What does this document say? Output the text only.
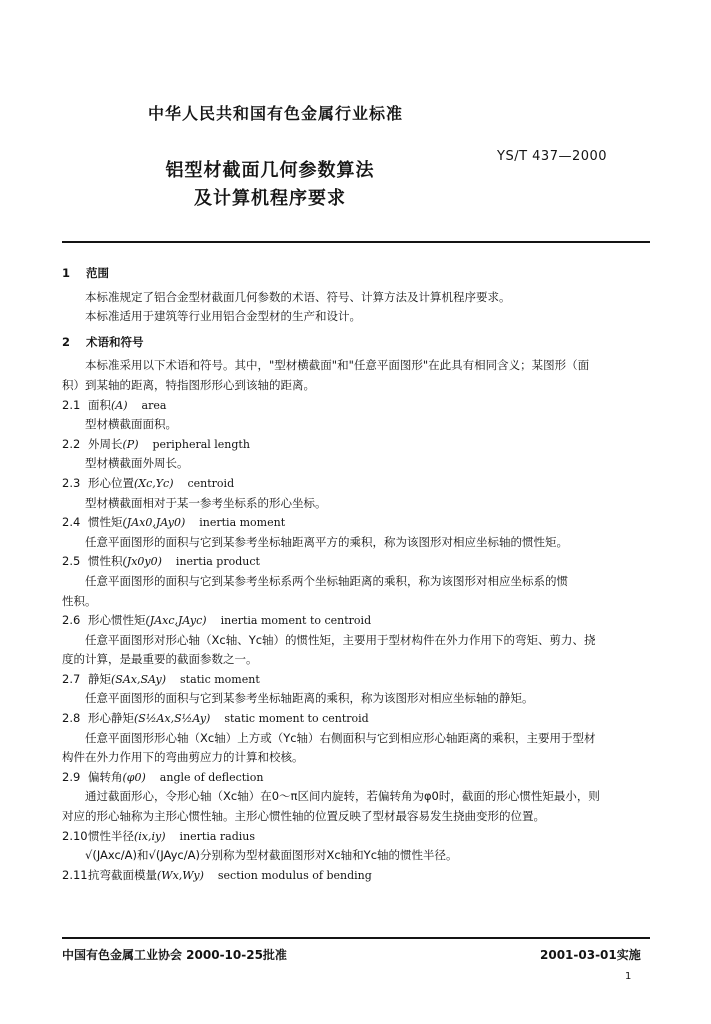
中华人民共和国有色金属行业标准
铝型材截面几何参数算法
及计算机程序要求
YS/T 437—2000
1 范围
本标准规定了铝合金型材截面几何参数的术语、符号、计算方法及计算机程序要求。
本标准适用于建筑等行业用铝合金型材的生产和设计。
2 术语和符号
本标准采用以下术语和符号。其中，"型材横截面"和"任意平面图形"在此具有相同含义；某图形（面
积）到某轴的距离，特指图形形心到该轴的距离。
2.1 面积(A) area
型材横截面面积。
2.2 外周长(P) peripheral length
型材横截面外周长。
2.3 形心位置(Xc,Yc) centroid
型材横截面相对于某一参考坐标系的形心坐标。
2.4 惯性矩(JAx0,JAy0) inertia moment
任意平面图形的面积与它到某参考坐标轴距离平方的乘积，称为该图形对相应坐标轴的惯性矩。
2.5 惯性积(Jx0y0) inertia product
任意平面图形的面积与它到某参考坐标系两个坐标轴距离的乘积，称为该图形对相应坐标系的惯
性积。
2.6 形心惯性矩(JAxc,JAyc) inertia moment to centroid
任意平面图形对形心轴（Xc轴、Yc轴）的惯性矩，主要用于型材构件在外力作用下的弯矩、剪力、挠
度的计算，是最重要的截面参数之一。
2.7 静矩(SAx,SAy) static moment
任意平面图形的面积与它到某参考坐标轴距离的乘积，称为该图形对相应坐标轴的静矩。
2.8 形心静矩(S½Ax,S½Ay) static moment to centroid
任意平面图形形心轴（Xc轴）上方或（Yc轴）右侧面积与它到相应形心轴距离的乘积，主要用于型材
构件在外力作用下的弯曲剪应力的计算和校核。
2.9 偏转角(φ0) angle of deflection
通过截面形心，令形心轴（Xc轴）在0～π区间内旋转，若偏转角为φ0时，截面的形心惯性矩最小，则
对应的形心轴称为主形心惯性轴。主形心惯性轴的位置反映了型材最容易发生挠曲变形的位置。
2.10惯性半径(ix,iy) inertia radius
√(JAxc/A)和√(JAyc/A)分别称为型材截面图形对Xc轴和Yc轴的惯性半径。
2.11抗弯截面模量(Wx,Wy) section modulus of bending
中国有色金属工业协会 2000-10-25批准	2001-03-01实施
1
